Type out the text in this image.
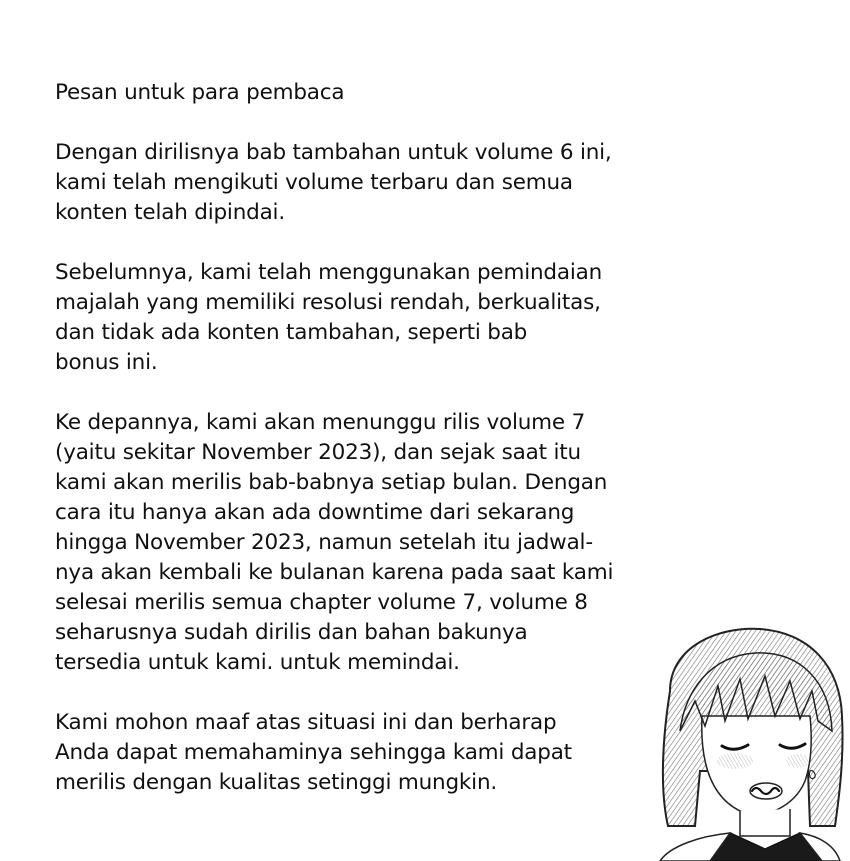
Pesan untuk para pembaca
Dengan dirilisnya bab tambahan untuk volume 6 ini,
kami telah mengikuti volume terbaru dan semua
konten telah dipindai.
Sebelumnya, kami telah menggunakan pemindaian
majalah yang memiliki resolusi rendah, berkualitas,
dan tidak ada konten tambahan, seperti bab
bonus ini.
Ke depannya, kami akan menunggu rilis volume 7
(yaitu sekitar November 2023), dan sejak saat itu
kami akan merilis bab-babnya setiap bulan. Dengan
cara itu hanya akan ada downtime dari sekarang
hingga November 2023, namun setelah itu jadwal-
nya akan kembali ke bulanan karena pada saat kami
selesai merilis semua chapter volume 7, volume 8
seharusnya sudah dirilis dan bahan bakunya
tersedia untuk kami. untuk memindai.
Kami mohon maaf atas situasi ini dan berharap
Anda dapat memahaminya sehingga kami dapat
merilis dengan kualitas setinggi mungkin.
